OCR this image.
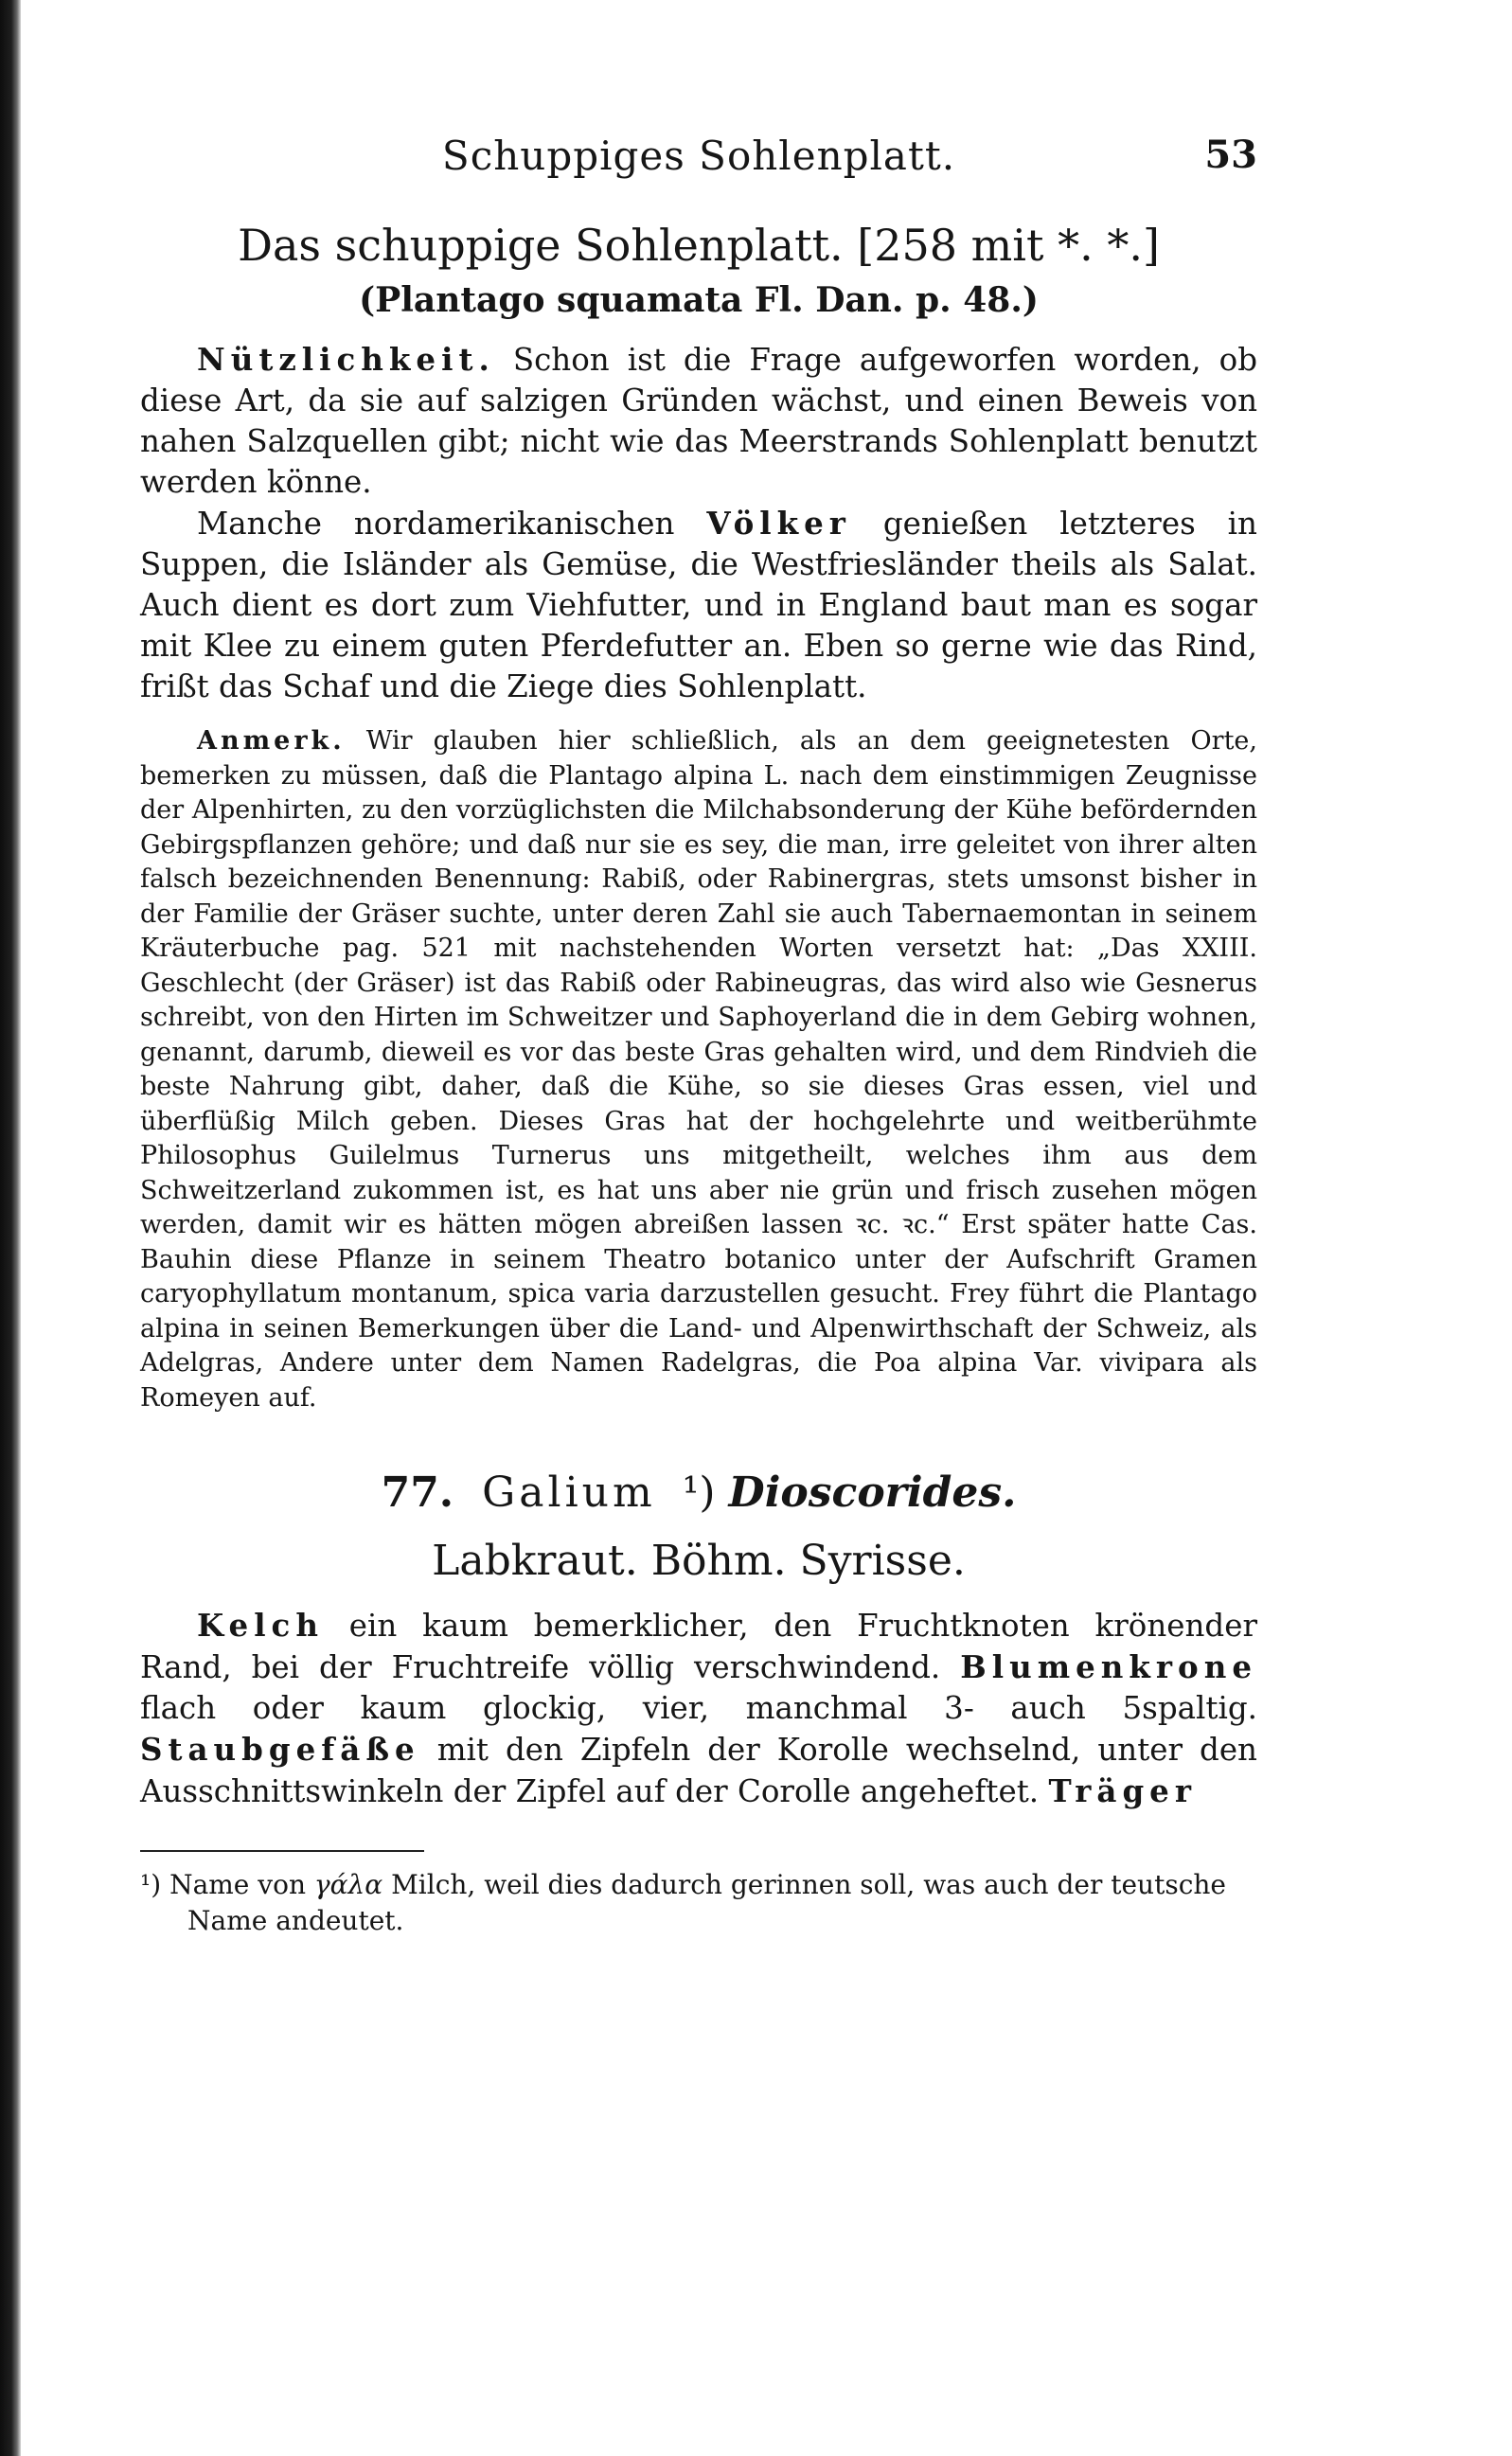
Schuppiges Sohlenplatt.	53
Das schuppige Sohlenplatt. [258 mit *. *.]
(Plantago squamata Fl. Dan. p. 48.)

Nützlichkeit. Schon ist die Frage aufgeworfen worden, ob diese Art, da sie auf salzigen Gründen wächst, und einen Beweis von nahen Salzquellen gibt; nicht wie das Meerstrands Sohlenplatt benutzt werden könne.

Manche nordamerikanischen Völker genießen letzteres in Suppen, die Isländer als Gemüse, die Westfriesländer theils als Salat. Auch dient es dort zum Viehfutter, und in England baut man es sogar mit Klee zu einem guten Pferdefutter an. Eben so gerne wie das Rind, frißt das Schaf und die Ziege dies Sohlenplatt.

Anmerk. Wir glauben hier schließlich, als an dem geeignetesten Orte, bemerken zu müssen, daß die Plantago alpina L. nach dem einstimmigen Zeugnisse der Alpenhirten, zu den vorzüglichsten die Milchabsonderung der Kühe befördernden Gebirgspflanzen gehöre; und daß nur sie es sey, die man, irre geleitet von ihrer alten falsch bezeichnenden Benennung: Rabiß, oder Rabinergras, stets umsonst bisher in der Familie der Gräser suchte, unter deren Zahl sie auch Tabernaemontan in seinem Kräuterbuche pag. 521 mit nachstehenden Worten versetzt hat: „Das XXIII. Geschlecht (der Gräser) ist das Rabiß oder Rabineugras, das wird also wie Gesnerus schreibt, von den Hirten im Schweitzer und Saphoyerland die in dem Gebirg wohnen, genannt, darumb, dieweil es vor das beste Gras gehalten wird, und dem Rindvieh die beste Nahrung gibt, daher, daß die Kühe, so sie dieses Gras essen, viel und überflüßig Milch geben. Dieses Gras hat der hochgelehrte und weitberühmte Philosophus Guilelmus Turnerus uns mitgetheilt, welches ihm aus dem Schweitzerland zukommen ist, es hat uns aber nie grün und frisch zusehen mögen werden, damit wir es hätten mögen abreißen lassen ꝛc. ꝛc.“ Erst später hatte Cas. Bauhin diese Pflanze in seinem Theatro botanico unter der Aufschrift Gramen caryophyllatum montanum, spica varia darzustellen gesucht. Frey führt die Plantago alpina in seinen Bemerkungen über die Land- und Alpenwirthschaft der Schweiz, als Adelgras, Andere unter dem Namen Radelgras, die Poa alpina Var. vivipara als Romeyen auf.
77. Galium ¹) Dioscorides.
Labkraut. Böhm. Syrisse.

Kelch ein kaum bemerklicher, den Fruchtknoten krönender Rand, bei der Fruchtreife völlig verschwindend. Blumenkrone flach oder kaum glockig, vier, manchmal 3- auch 5spaltig. Staubgefäße mit den Zipfeln der Korolle wechselnd, unter den Ausschnittswinkeln der Zipfel auf der Corolle angeheftet. Träger

¹) Name von γάλα Milch, weil dies dadurch gerinnen soll, was auch der teutsche Name andeutet.
